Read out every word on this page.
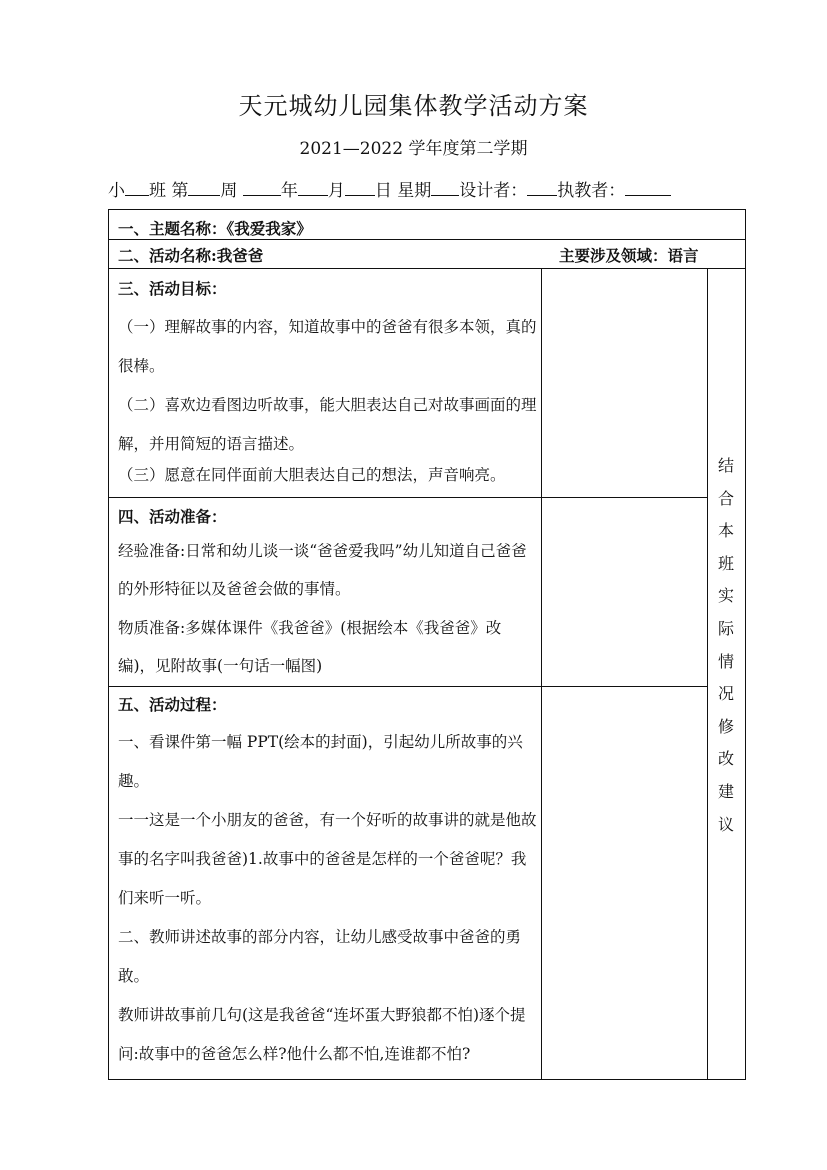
天元城幼儿园集体教学活动方案
2021—2022 学年度第二学期
小 班 第 周	年 月 日 星期 设计者： 执教者：
一、主题名称：《我爱我家》
二、活动名称:我爸爸	主要涉及领域：语言
三、活动目标：
（一）理解故事的内容，知道故事中的爸爸有很多本领，真的很棒。
（二）喜欢边看图边听故事，能大胆表达自己对故事画面的理解，并用简短的语言描述。
（三）愿意在同伴面前大胆表达自己的想法，声音响亮。
四、活动准备：
经验准备:日常和幼儿谈一谈“爸爸爱我吗”幼儿知道自己爸爸的外形特征以及爸爸会做的事情。
物质准备:多媒体课件《我爸爸》(根据绘本《我爸爸》改编)，见附故事(一句话一幅图)
五、活动过程：
一、看课件第一幅 PPT(绘本的封面)，引起幼儿所故事的兴趣。
一一这是一个小朋友的爸爸，有一个好听的故事讲的就是他故事的名字叫我爸爸)1.故事中的爸爸是怎样的一个爸爸呢？我们来听一听。
二、教师讲述故事的部分内容，让幼儿感受故事中爸爸的勇敢。
教师讲故事前几句(这是我爸爸“连坏蛋大野狼都不怕)逐个提问:故事中的爸爸怎么样?他什么都不怕,连谁都不怕?
结合本班实际情况修改建议
